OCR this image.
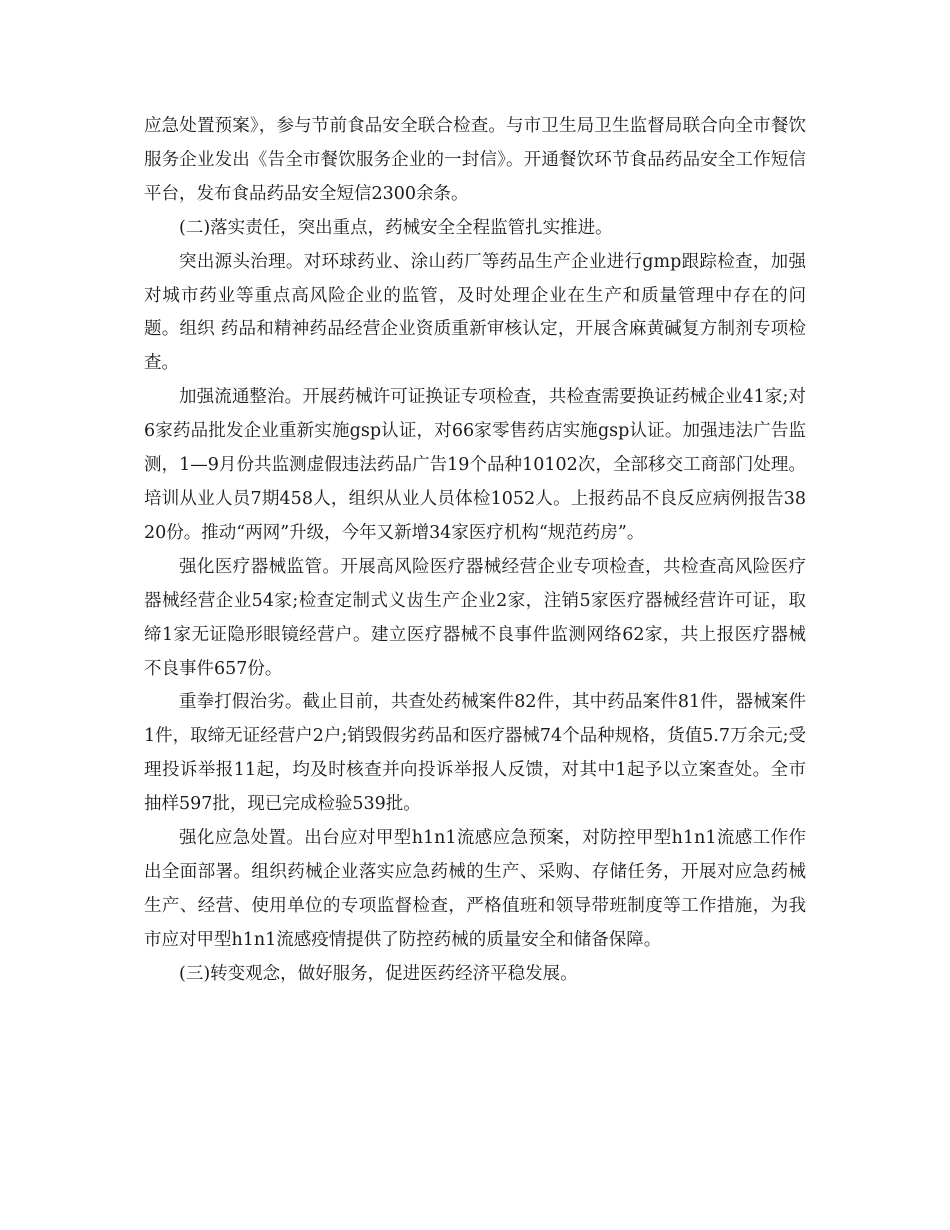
应急处置预案》，参与节前食品安全联合检查。与市卫生局卫生监督局联合向全市餐饮服务企业发出《告全市餐饮服务企业的一封信》。开通餐饮环节食品药品安全工作短信平台，发布食品药品安全短信2300余条。

(二)落实责任，突出重点，药械安全全程监管扎实推进。

突出源头治理。对环球药业、涂山药厂等药品生产企业进行gmp跟踪检查，加强对城市药业等重点高风险企业的监管，及时处理企业在生产和质量管理中存在的问题。组织 药品和精神药品经营企业资质重新审核认定，开展含麻黄碱复方制剂专项检查。

加强流通整治。开展药械许可证换证专项检查，共检查需要换证药械企业41家;对6家药品批发企业重新实施gsp认证，对66家零售药店实施gsp认证。加强违法广告监测，1—9月份共监测虚假违法药品广告19个品种10102次，全部移交工商部门处理。培训从业人员7期458人，组织从业人员体检1052人。上报药品不良反应病例报告3820份。推动“两网”升级，今年又新增34家医疗机构“规范药房”。

强化医疗器械监管。开展高风险医疗器械经营企业专项检查，共检查高风险医疗器械经营企业54家;检查定制式义齿生产企业2家，注销5家医疗器械经营许可证，取缔1家无证隐形眼镜经营户。建立医疗器械不良事件监测网络62家，共上报医疗器械不良事件657份。

重拳打假治劣。截止目前，共查处药械案件82件，其中药品案件81件，器械案件1件，取缔无证经营户2户;销毁假劣药品和医疗器械74个品种规格，货值5.7万余元;受理投诉举报11起，均及时核查并向投诉举报人反馈，对其中1起予以立案查处。全市抽样597批，现已完成检验539批。

强化应急处置。出台应对甲型h1n1流感应急预案，对防控甲型h1n1流感工作作出全面部署。组织药械企业落实应急药械的生产、采购、存储任务，开展对应急药械生产、经营、使用单位的专项监督检查，严格值班和领导带班制度等工作措施，为我市应对甲型h1n1流感疫情提供了防控药械的质量安全和储备保障。

(三)转变观念，做好服务，促进医药经济平稳发展。
